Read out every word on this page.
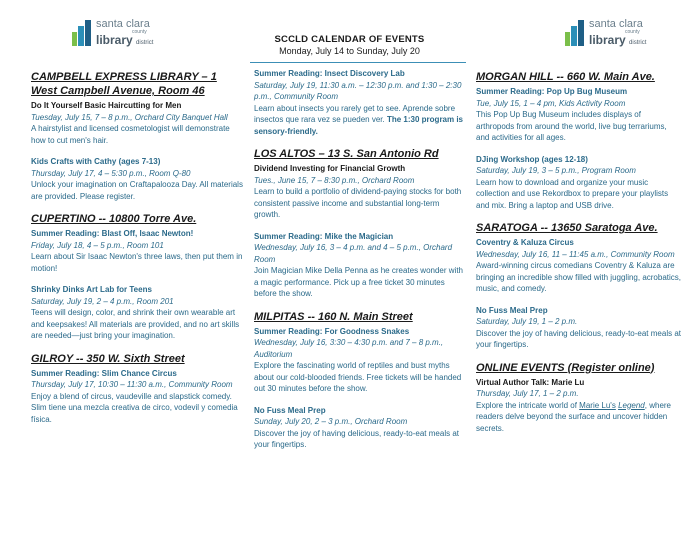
santa clara
county
library district
santa clara
county
library district
SCCLD CALENDAR OF EVENTS
Monday, July 14 to Sunday, July 20
CAMPBELL EXPRESS LIBRARY – 1 West Campbell Avenue, Room 46
Do It Yourself Basic Haircutting for Men
Tuesday, July 15, 7 – 8 p.m., Orchard City Banquet Hall
A hairstylist and licensed cosmetologist will demonstrate how to cut men's hair.
Kids Crafts with Cathy (ages 7-13)
Thursday, July 17, 4 – 5:30 p.m., Room Q-80
Unlock your imagination on Craftapalooza Day. All materials are provided. Please register.
CUPERTINO -- 10800 Torre Ave.
Summer Reading: Blast Off, Isaac Newton!
Friday, July 18, 4 – 5 p.m., Room 101
Learn about Sir Isaac Newton's three laws, then put them in motion!
Shrinky Dinks Art Lab for Teens
Saturday, July 19, 2 – 4 p.m., Room 201
Teens will design, color, and shrink their own wearable art and keepsakes! All materials are provided, and no art skills are needed—just bring your imagination.
GILROY -- 350 W. Sixth Street
Summer Reading: Slim Chance Circus
Thursday, July 17, 10:30 – 11:30 a.m., Community Room
Enjoy a blend of circus, vaudeville and slapstick comedy. Slim tiene una mezcla creativa de circo, vodevil y comedia física.
Summer Reading: Insect Discovery Lab
Saturday, July 19, 11:30 a.m. – 12:30 p.m. and 1:30 – 2:30 p.m., Community Room
Learn about insects you rarely get to see. Aprende sobre insectos que rara vez se pueden ver. The 1:30 program is sensory-friendly.
LOS ALTOS – 13 S. San Antonio Rd
Dividend Investing for Financial Growth
Tues., June 15, 7 – 8:30 p.m., Orchard Room
Learn to build a portfolio of dividend-paying stocks for both consistent passive income and substantial long-term growth.
Summer Reading: Mike the Magician
Wednesday, July 16, 3 – 4 p.m. and 4 – 5 p.m., Orchard Room
Join Magician Mike Della Penna as he creates wonder with a magic performance. Pick up a free ticket 30 minutes before the show.
MILPITAS -- 160 N. Main Street
Summer Reading: For Goodness Snakes
Wednesday, July 16, 3:30 – 4:30 p.m. and 7 – 8 p.m., Auditorium
Explore the fascinating world of reptiles and bust myths about our cold-blooded friends. Free tickets will be handed out 30 minutes before the show.
No Fuss Meal Prep
Sunday, July 20, 2 – 3 p.m., Orchard Room
Discover the joy of having delicious, ready-to-eat meals at your fingertips.
MORGAN HILL -- 660 W. Main Ave.
Summer Reading: Pop Up Bug Museum
Tue, July 15, 1 – 4 pm, Kids Activity Room
This Pop Up Bug Museum includes displays of arthropods from around the world, live bug terrariums, and activities for all ages.
DJing Workshop (ages 12-18)
Saturday, July 19, 3 – 5 p.m., Program Room
Learn how to download and organize your music collection and use Rekordbox to prepare your playlists and mix. Bring a laptop and USB drive.
SARATOGA -- 13650 Saratoga Ave.
Coventry & Kaluza Circus
Wednesday, July 16, 11 – 11:45 a.m., Community Room
Award-winning circus comedians Coventry & Kaluza are bringing an incredible show filled with juggling, acrobatics, music, and comedy.
No Fuss Meal Prep
Saturday, July 19, 1 – 2 p.m.
Discover the joy of having delicious, ready-to-eat meals at your fingertips.
ONLINE EVENTS (Register online)
Virtual Author Talk: Marie Lu
Thursday, July 17, 1 – 2 p.m.
Explore the intricate world of Marie Lu's Legend, where readers delve beyond the surface and uncover hidden secrets.
